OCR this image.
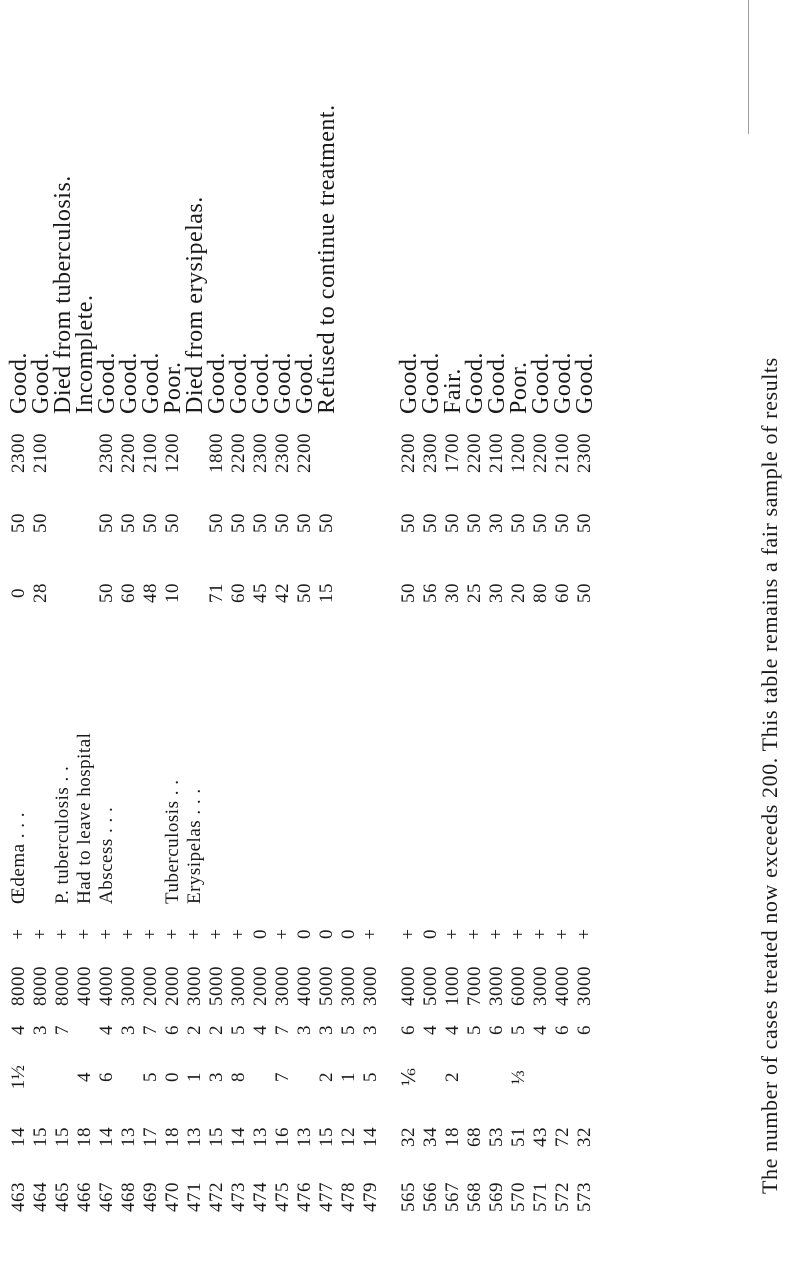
463
14
1½
4
8000
+
Œdema . . .
0
50
2300
Good.
464
15
3
8000
+
28
50
2100
Good.
465
15
7
8000
+
P. tuberculosis . .
Died from tuberculosis.
466
18
4
4000
+
Had to leave hospital
Incomplete.
467
14
6
4
4000
+
Abscess . . .
50
50
2300
Good.
468
13
3
3000
+
60
50
2200
Good.
469
17
5
7
2000
+
48
50
2100
Good.
470
18
0
6
2000
+
Tuberculosis . .
10
50
1200
Poor.
471
13
1
2
3000
+
Erysipelas . . .
Died from erysipelas.
472
15
3
2
5000
+
71
50
1800
Good.
473
14
8
5
3000
+
60
50
2200
Good.
474
13
4
2000
0
45
50
2300
Good.
475
16
7
7
3000
+
42
50
2300
Good.
476
13
3
4000
0
50
50
2200
Good.
477
15
2
3
5000
0
15
50
Refused to continue treatment.
478
12
1
5
3000
0
479
14
5
3
3000
+
565
32
⅙
6
4000
+
50
50
2200
Good.
566
34
4
5000
0
56
50
2300
Good.
567
18
2
4
1000
+
30
50
1700
Fair.
568
68
5
7000
+
25
50
2200
Good.
569
53
6
3000
+
30
30
2100
Good.
570
51
⅓
5
6000
+
20
50
1200
Poor.
571
43
4
3000
+
80
50
2200
Good.
572
72
6
4000
+
60
50
2100
Good.
573
32
6
3000
+
50
50
2300
Good.	The number of cases treated now exceeds 200. This table remains a fair sample of results
